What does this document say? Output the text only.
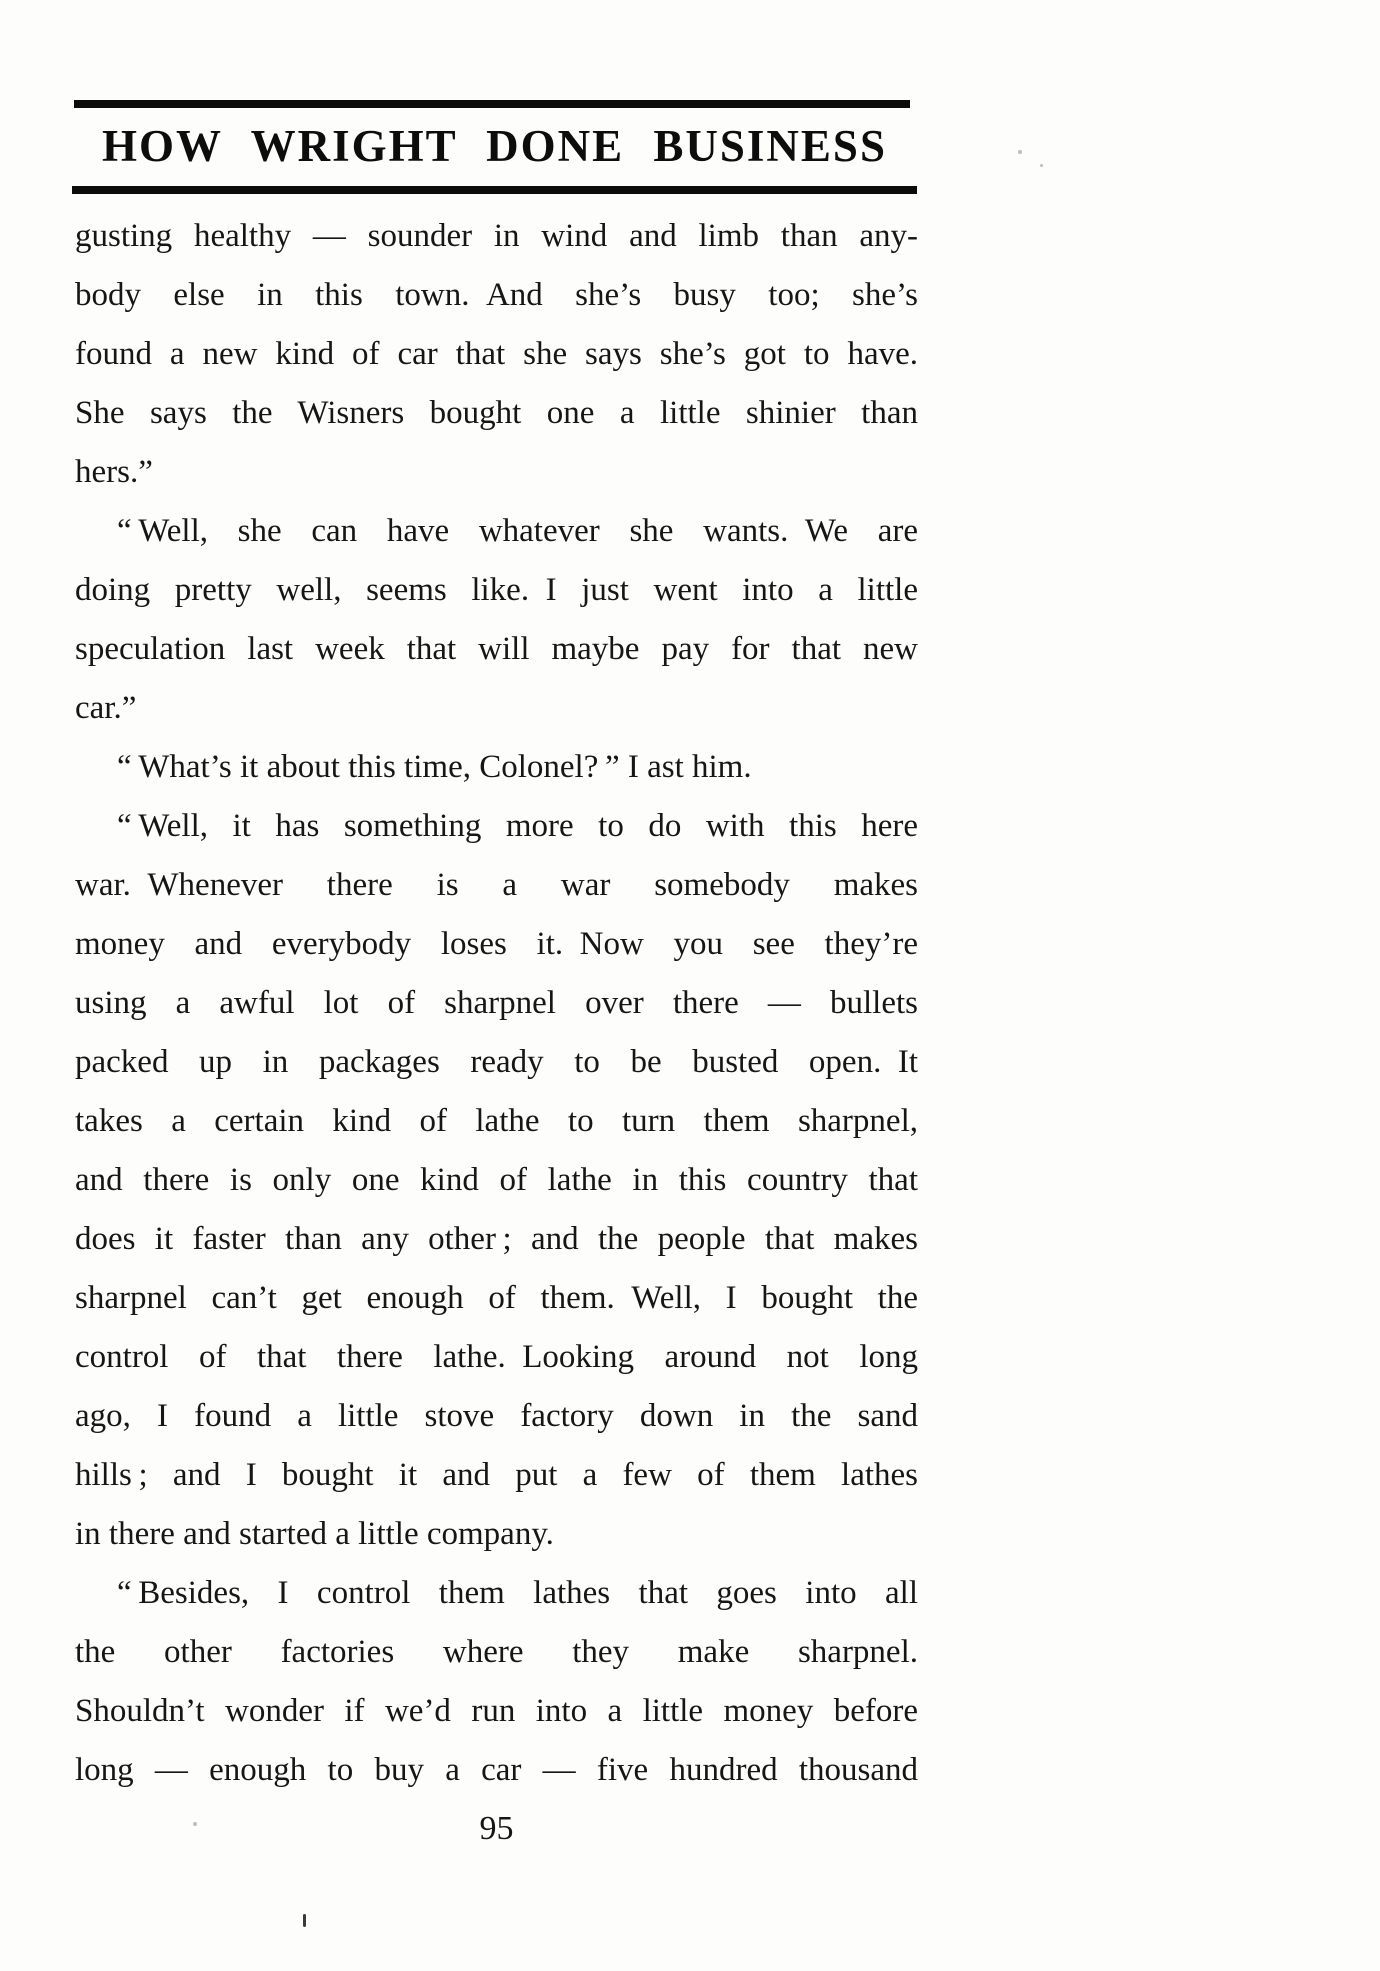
HOW WRIGHT DONE BUSINESS
gusting healthy — sounder in wind and limb than any-
body else in this town. And she’s busy too; she’s
found a new kind of car that she says she’s got to have.
She says the Wisners bought one a little shinier than
hers.”
“ Well, she can have whatever she wants. We are
doing pretty well, seems like. I just went into a little
speculation last week that will maybe pay for that new
car.”
“ What’s it about this time, Colonel? ” I ast him.
“ Well, it has something more to do with this here
war. Whenever there is a war somebody makes
money and everybody loses it. Now you see they’re
using a awful lot of sharpnel over there — bullets
packed up in packages ready to be busted open. It
takes a certain kind of lathe to turn them sharpnel,
and there is only one kind of lathe in this country that
does it faster than any other ; and the people that makes
sharpnel can’t get enough of them. Well, I bought the
control of that there lathe. Looking around not long
ago, I found a little stove factory down in the sand
hills ; and I bought it and put a few of them lathes
in there and started a little company.
“ Besides, I control them lathes that goes into all
the other factories where they make sharpnel.
Shouldn’t wonder if we’d run into a little money before
long — enough to buy a car — five hundred thousand
95
